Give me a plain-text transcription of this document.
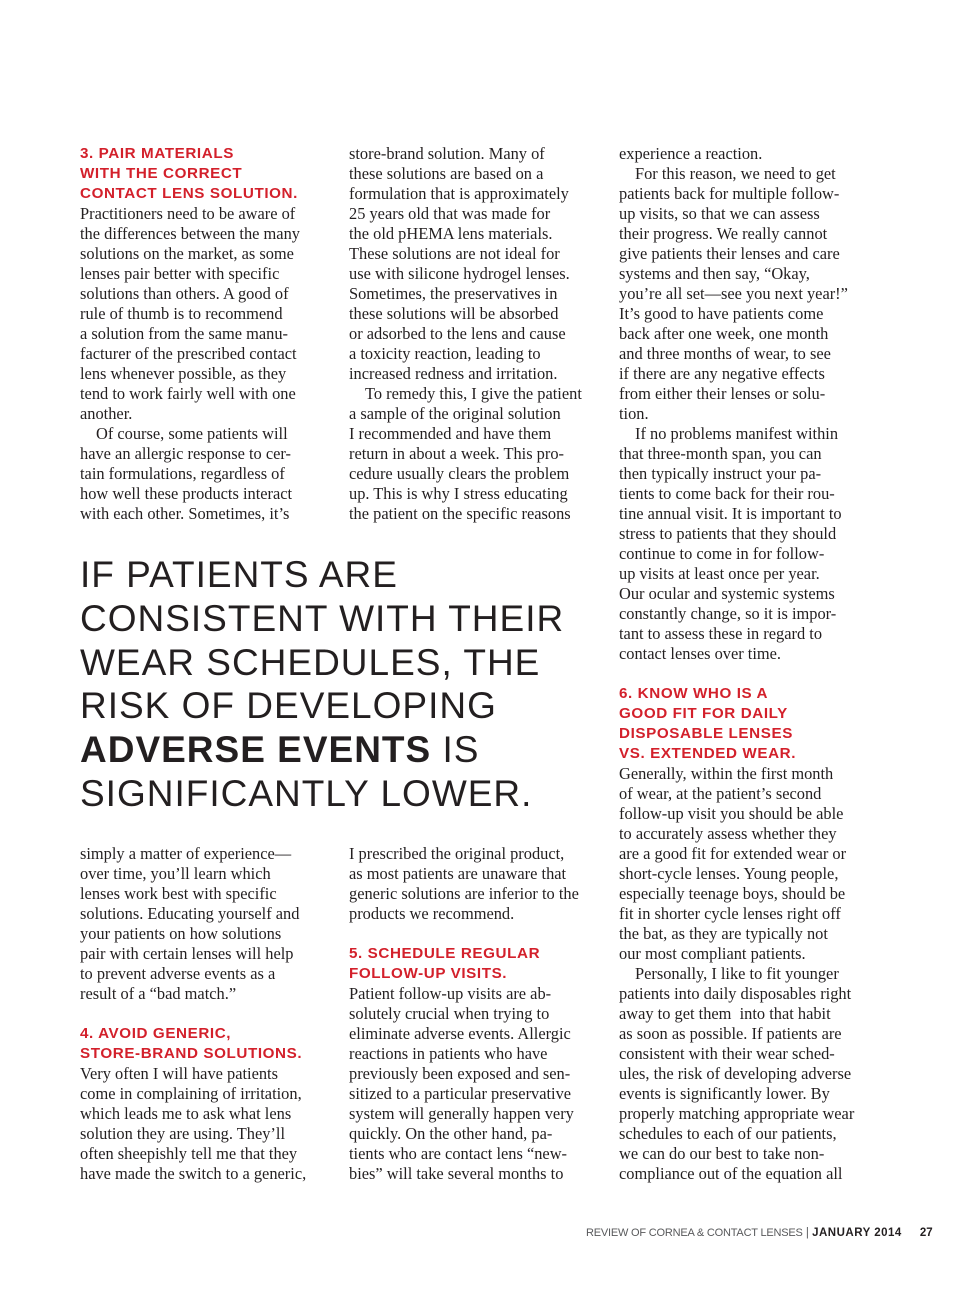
3. PAIR MATERIALS
WITH THE CORRECT
CONTACT LENS SOLUTION.
Practitioners need to be aware of
the differences between the many
solutions on the market, as some
lenses pair better with specific
solutions than others. A good of
rule of thumb is to recommend
a solution from the same manu-
facturer of the prescribed contact
lens whenever possible, as they
tend to work fairly well with one
another.
Of course, some patients will
have an allergic response to cer-
tain formulations, regardless of
how well these products interact
with each other. Sometimes, it’s
store-brand solution. Many of
these solutions are based on a
formulation that is approximately
25 years old that was made for
the old pHEMA lens materials.
These solutions are not ideal for
use with silicone hydrogel lenses.
Sometimes, the preservatives in
these solutions will be absorbed
or adsorbed to the lens and cause
a toxicity reaction, leading to
increased redness and irritation.
To remedy this, I give the patient
a sample of the original solution
I recommended and have them
return in about a week. This pro-
cedure usually clears the problem
up. This is why I stress educating
the patient on the specific reasons
experience a reaction.
For this reason, we need to get
patients back for multiple follow-
up visits, so that we can assess
their progress. We really cannot
give patients their lenses and care
systems and then say, “Okay,
you’re all set—see you next year!”
It’s good to have patients come
back after one week, one month
and three months of wear, to see
if there are any negative effects
from either their lenses or solu-
tion.
If no problems manifest within
that three-month span, you can
then typically instruct your pa-
tients to come back for their rou-
tine annual visit. It is important to
stress to patients that they should
continue to come in for follow-
up visits at least once per year.
Our ocular and systemic systems
constantly change, so it is impor-
tant to assess these in regard to
contact lenses over time.
6. KNOW WHO IS A
GOOD FIT FOR DAILY
DISPOSABLE LENSES
VS. EXTENDED WEAR.
Generally, within the first month
of wear, at the patient’s second
follow-up visit you should be able
to accurately assess whether they
are a good fit for extended wear or
short-cycle lenses. Young people,
especially teenage boys, should be
fit in shorter cycle lenses right off
the bat, as they are typically not
our most compliant patients.
Personally, I like to fit younger
patients into daily disposables right
away to get them  into that habit
as soon as possible. If patients are
consistent with their wear sched-
ules, the risk of developing adverse
events is significantly lower. By
properly matching appropriate wear
schedules to each of our patients,
we can do our best to take non-
compliance out of the equation all
IF PATIENTS ARE
CONSISTENT WITH THEIR
WEAR SCHEDULES, THE
RISK OF DEVELOPING
ADVERSE EVENTS IS
SIGNIFICANTLY LOWER.
simply a matter of experience—
over time, you’ll learn which
lenses work best with specific
solutions. Educating yourself and
your patients on how solutions
pair with certain lenses will help
to prevent adverse events as a
result of a “bad match.”
4. AVOID GENERIC,
STORE-BRAND SOLUTIONS.
Very often I will have patients
come in complaining of irritation,
which leads me to ask what lens
solution they are using. They’ll
often sheepishly tell me that they
have made the switch to a generic,
I prescribed the original product,
as most patients are unaware that
generic solutions are inferior to the
products we recommend.
5. SCHEDULE REGULAR
FOLLOW-UP VISITS.
Patient follow-up visits are ab-
solutely crucial when trying to
eliminate adverse events. Allergic
reactions in patients who have
previously been exposed and sen-
sitized to a particular preservative
system will generally happen very
quickly. On the other hand, pa-
tients who are contact lens “new-
bies” will take several months to
REVIEW OF CORNEA & CONTACT LENSES | JANUARY 2014 27
